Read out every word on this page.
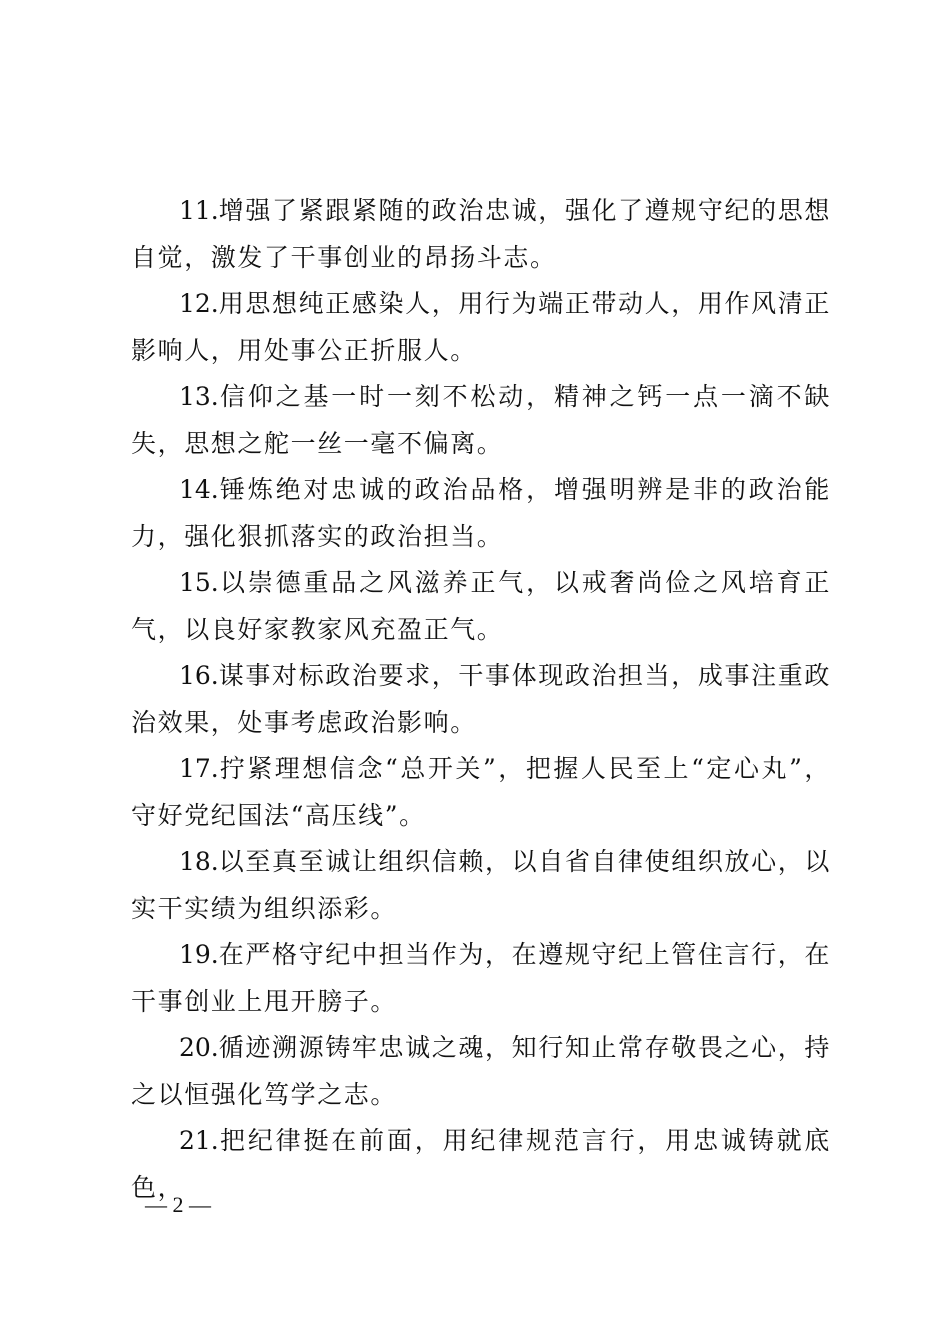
11.增强了紧跟紧随的政治忠诚，强化了遵规守纪的思想自觉，激发了干事创业的昂扬斗志。

12.用思想纯正感染人，用行为端正带动人，用作风清正影响人，用处事公正折服人。

13.信仰之基一时一刻不松动，精神之钙一点一滴不缺失，思想之舵一丝一毫不偏离。

14.锤炼绝对忠诚的政治品格，增强明辨是非的政治能力，强化狠抓落实的政治担当。

15.以崇德重品之风滋养正气，以戒奢尚俭之风培育正气，以良好家教家风充盈正气。

16.谋事对标政治要求，干事体现政治担当，成事注重政治效果，处事考虑政治影响。

17.拧紧理想信念“总开关”，把握人民至上“定心丸”，守好党纪国法“高压线”。

18.以至真至诚让组织信赖，以自省自律使组织放心，以实干实绩为组织添彩。

19.在严格守纪中担当作为，在遵规守纪上管住言行，在干事创业上甩开膀子。

20.循迹溯源铸牢忠诚之魂，知行知止常存敬畏之心，持之以恒强化笃学之志。

21.把纪律挺在前面，用纪律规范言行，用忠诚铸就底色，

— 2 —
